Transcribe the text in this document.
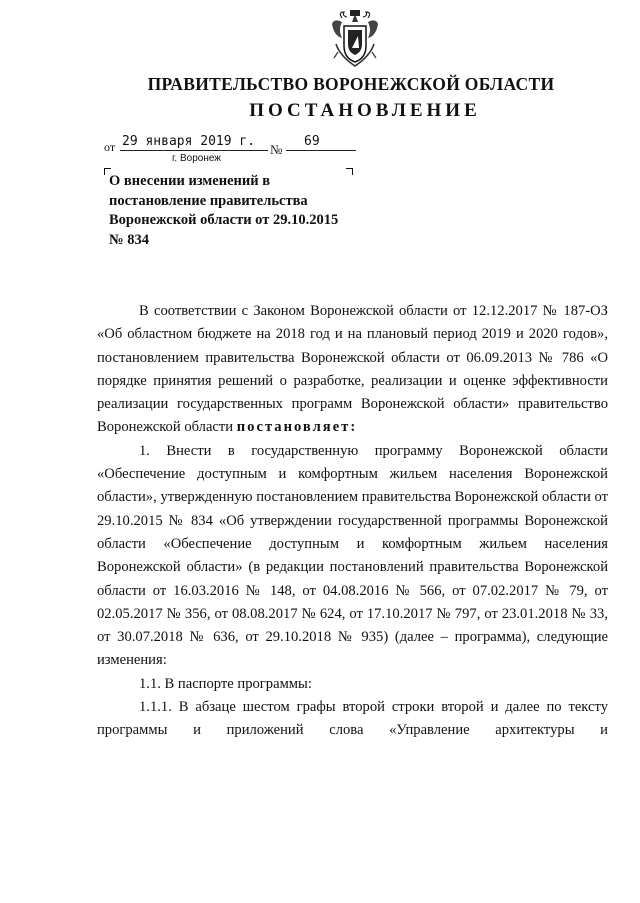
ПРАВИТЕЛЬСТВО ВОРОНЕЖСКОЙ ОБЛАСТИ
ПОСТАНОВЛЕНИЕ
от 29 января 2019 г.
№
69
г. Воронеж
О внесении изменений в
постановление правительства
Воронежской области от 29.10.2015
№ 834

В соответствии с Законом Воронежской области от 12.12.2017 № 187-ОЗ «Об областном бюджете на 2018 год и на плановый период 2019 и 2020 годов», постановлением правительства Воронежской области от 06.09.2013 № 786 «О порядке принятия решений о разработке, реализации и оценке эффективности реализации государственных программ Воронежской области» правительство Воронежской области постановляет:

1. Внести в государственную программу Воронежской области «Обеспечение доступным и комфортным жильем населения Воронежской области», утвержденную постановлением правительства Воронежской области от 29.10.2015 № 834 «Об утверждении государственной программы Воронежской области «Обеспечение доступным и комфортным жильем населения Воронежской области» (в редакции постановлений правительства Воронежской области от 16.03.2016 № 148, от 04.08.2016 № 566, от 07.02.2017 № 79, от 02.05.2017 № 356, от 08.08.2017 № 624, от 17.10.2017 № 797, от 23.01.2018 № 33, от 30.07.2018 № 636, от 29.10.2018 № 935) (далее – программа), следующие изменения:

1.1. В паспорте программы:

1.1.1. В абзаце шестом графы второй строки второй и далее по тексту программы и приложений слова «Управление архитектуры и
